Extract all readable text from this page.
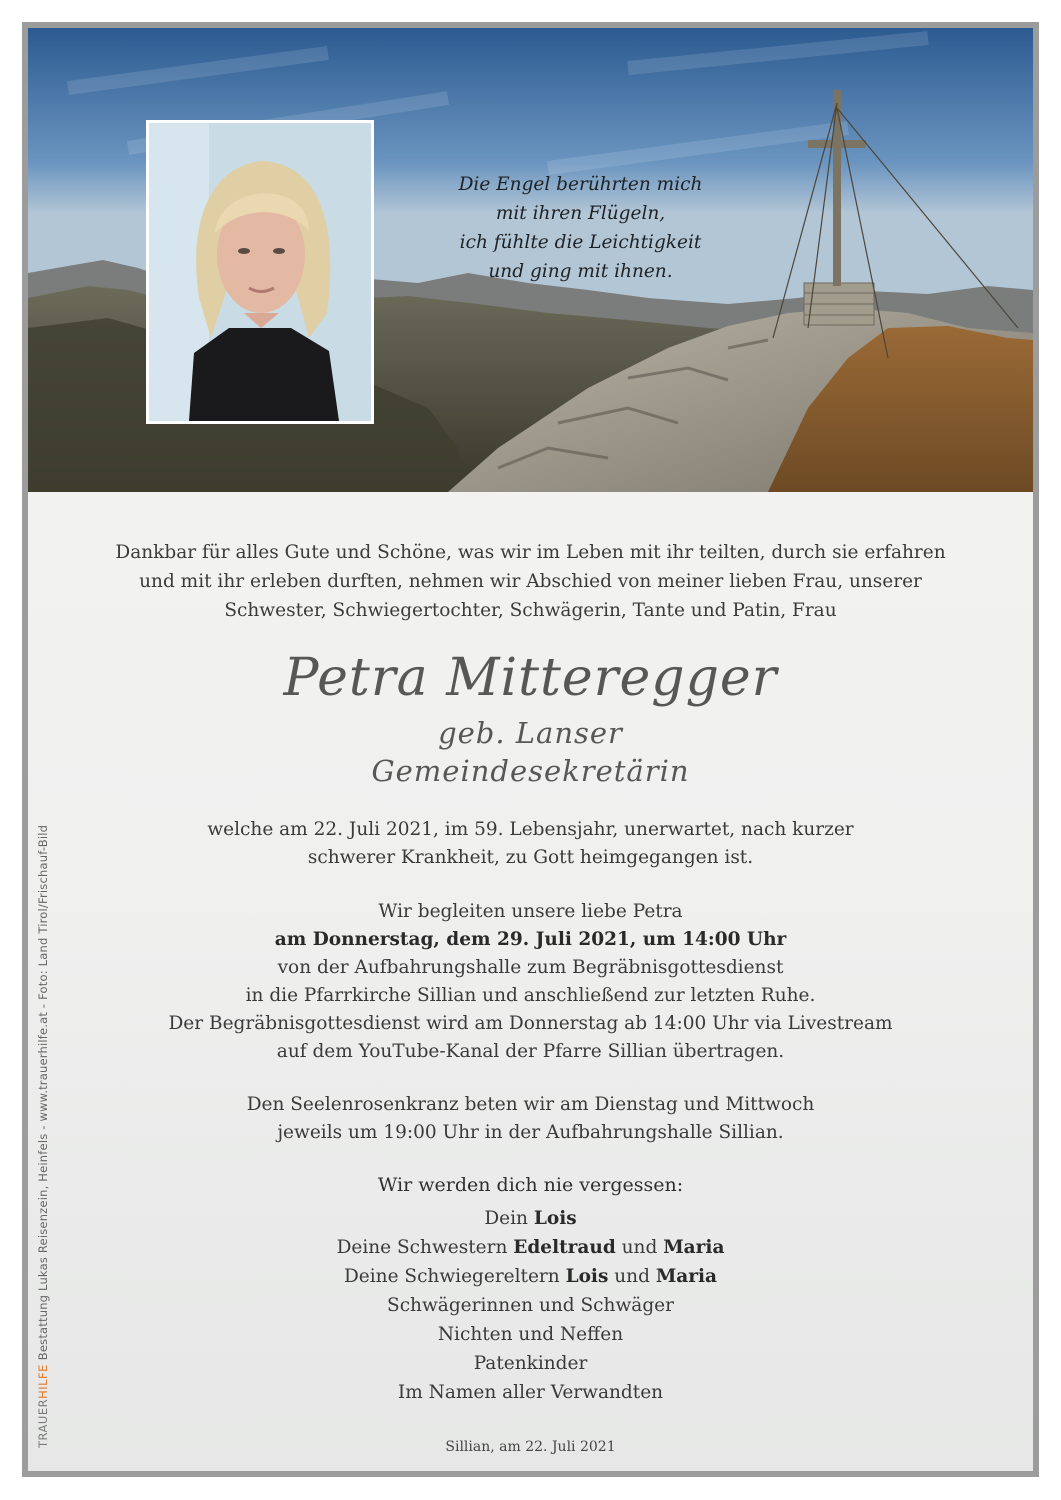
Die Engel berührten mich
mit ihren Flügeln,
ich fühlte die Leichtigkeit
und ging mit ihnen.
Dankbar für alles Gute und Schöne, was wir im Leben mit ihr teilten, durch sie erfahren
und mit ihr erleben durften, nehmen wir Abschied von meiner lieben Frau, unserer
Schwester, Schwiegertochter, Schwägerin, Tante und Patin, Frau
Petra Mitteregger
geb. Lanser
Gemeindesekretärin
welche am 22. Juli 2021, im 59. Lebensjahr, unerwartet, nach kurzer
schwerer Krankheit, zu Gott heimgegangen ist.
Wir begleiten unsere liebe Petra
am Donnerstag, dem 29. Juli 2021, um 14:00 Uhr
von der Aufbahrungshalle zum Begräbnisgottesdienst
in die Pfarrkirche Sillian und anschließend zur letzten Ruhe.
Der Begräbnisgottesdienst wird am Donnerstag ab 14:00 Uhr via Livestream
auf dem YouTube-Kanal der Pfarre Sillian übertragen.
Den Seelenrosenkranz beten wir am Dienstag und Mittwoch
jeweils um 19:00 Uhr in der Aufbahrungshalle Sillian.
Wir werden dich nie vergessen:
Dein Lois
Deine Schwestern Edeltraud und Maria
Deine Schwiegereltern Lois und Maria
Schwägerinnen und Schwäger
Nichten und Neffen
Patenkinder
Im Namen aller Verwandten
Sillian, am 22. Juli 2021
TRAUERHILFE Bestattung Lukas Reisenzein, Heinfels - www.trauerhilfe.at - Foto: Land Tirol/Frischauf-Bild
